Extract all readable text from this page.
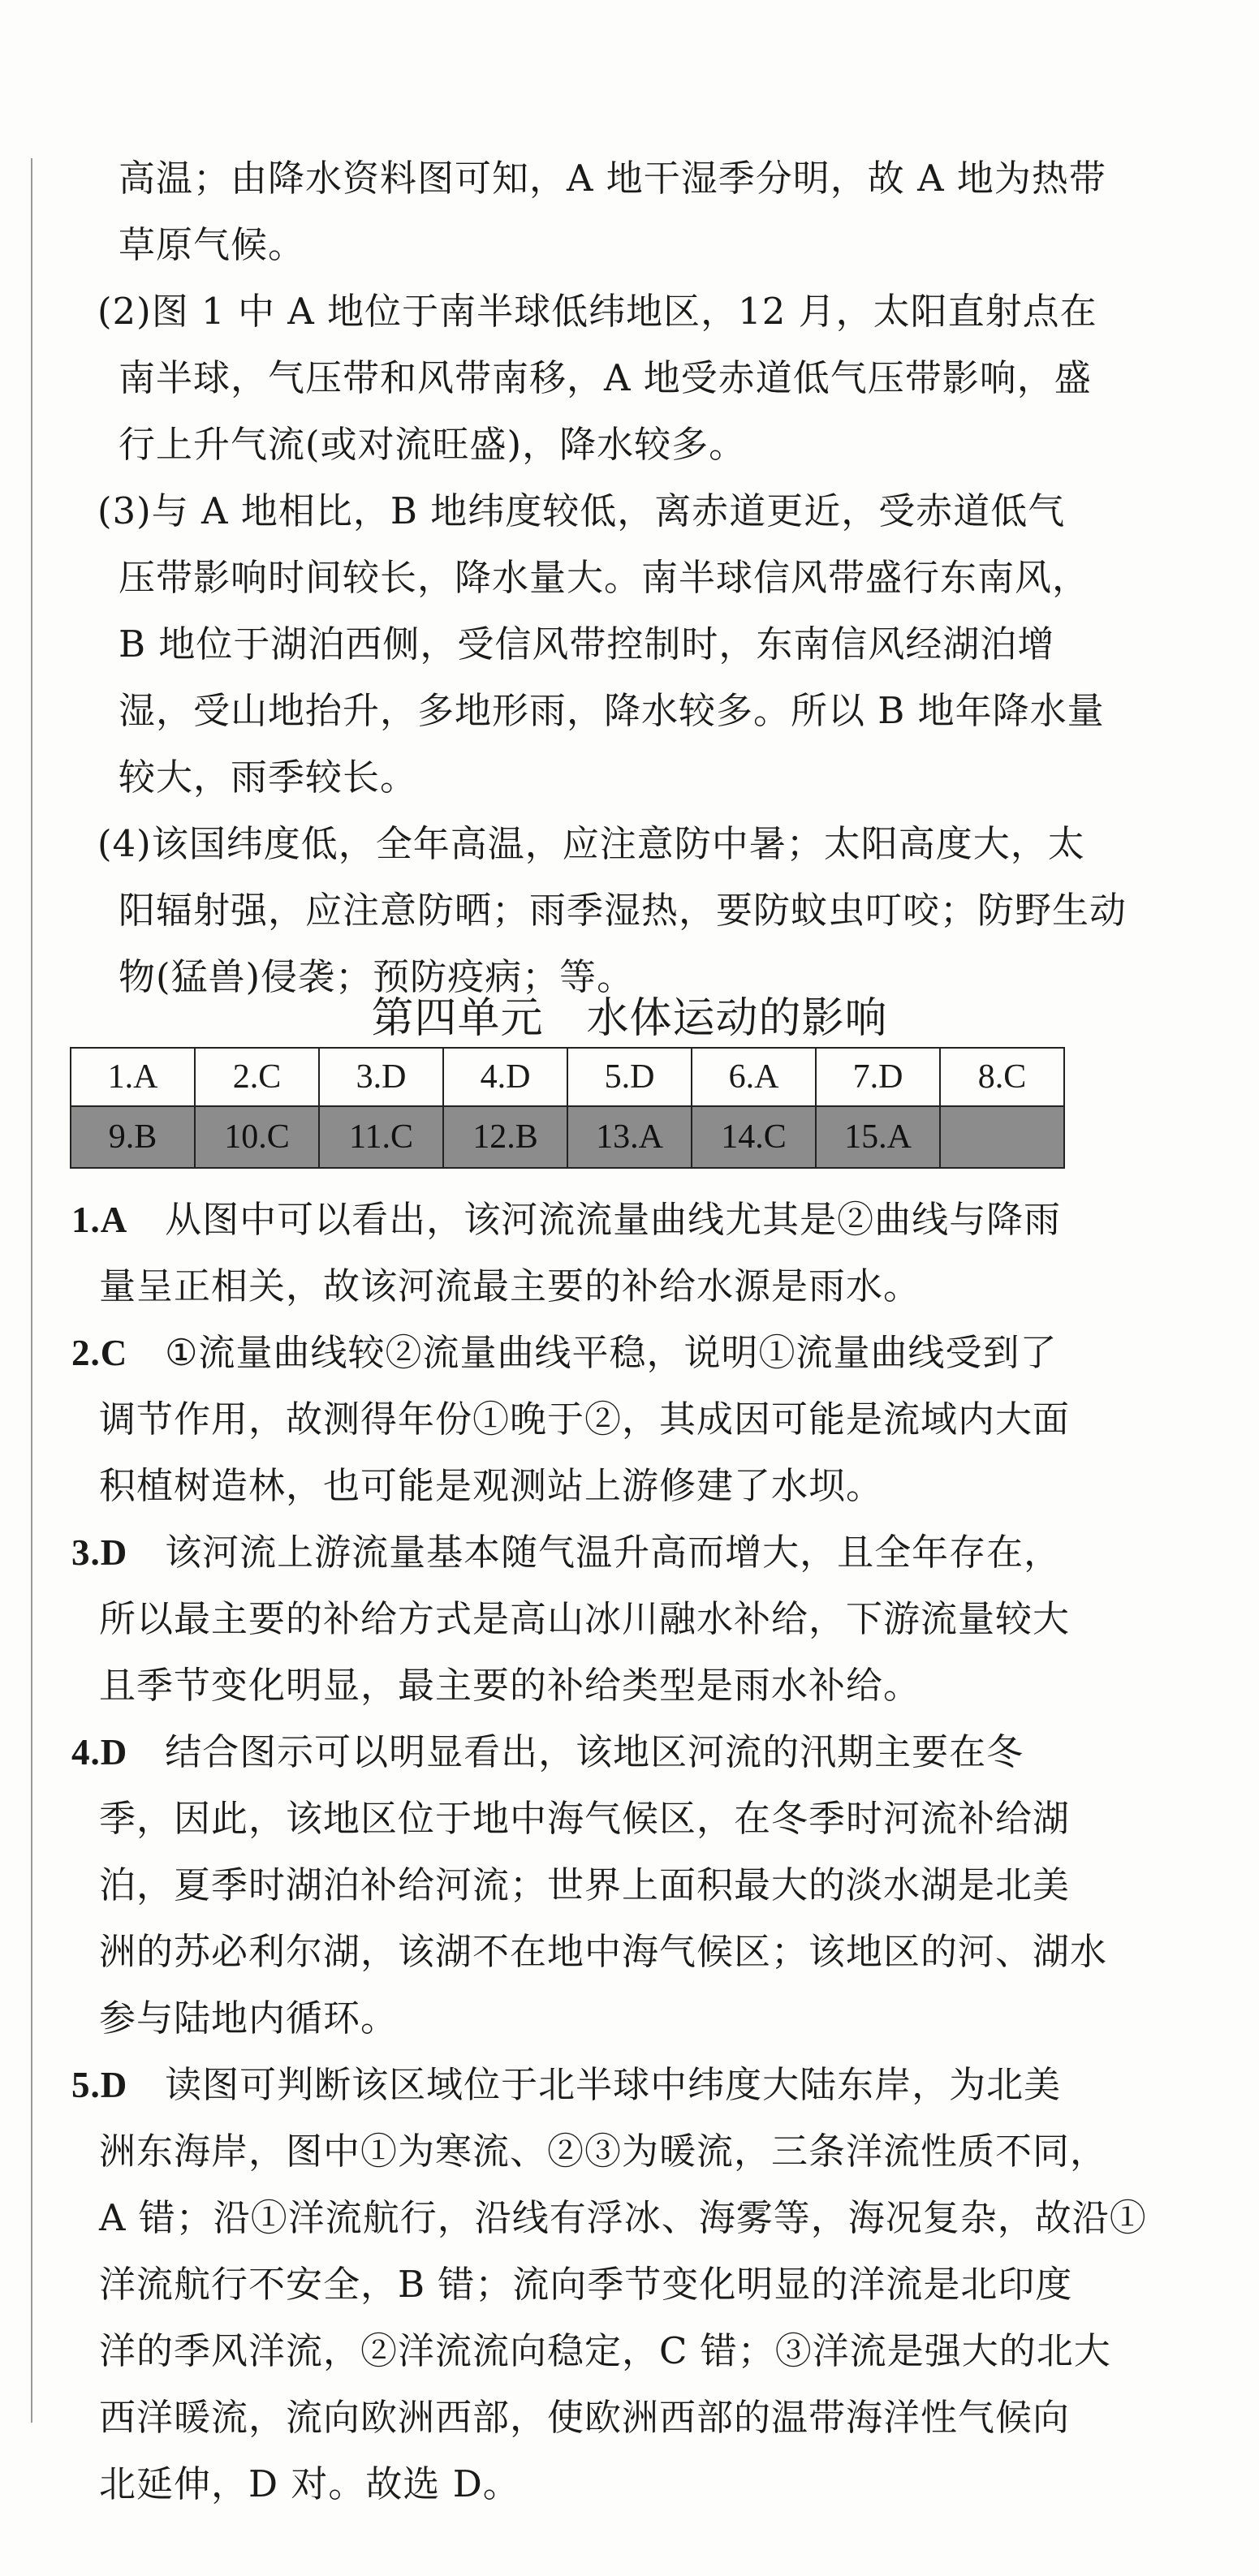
高温；由降水资料图可知，A 地干湿季分明，故 A 地为热带
草原气候。
(2)图 1 中 A 地位于南半球低纬地区，12 月，太阳直射点在
南半球，气压带和风带南移，A 地受赤道低气压带影响，盛
行上升气流(或对流旺盛)，降水较多。
(3)与 A 地相比，B 地纬度较低，离赤道更近，受赤道低气
压带影响时间较长，降水量大。南半球信风带盛行东南风，
B 地位于湖泊西侧，受信风带控制时，东南信风经湖泊增
湿，受山地抬升，多地形雨，降水较多。所以 B 地年降水量
较大，雨季较长。
(4)该国纬度低，全年高温，应注意防中暑；太阳高度大，太
阳辐射强，应注意防晒；雨季湿热，要防蚊虫叮咬；防野生动
物(猛兽)侵袭；预防疫病；等。
第四单元　水体运动的影响
1.A	2.C	3.D	4.D	5.D	6.A	7.D	8.C
9.B	10.C	11.C	12.B	13.A	14.C	15.A	
1.A 从图中可以看出，该河流流量曲线尤其是②曲线与降雨
量呈正相关，故该河流最主要的补给水源是雨水。
2.C ①流量曲线较②流量曲线平稳，说明①流量曲线受到了
调节作用，故测得年份①晚于②，其成因可能是流域内大面
积植树造林，也可能是观测站上游修建了水坝。
3.D 该河流上游流量基本随气温升高而增大，且全年存在，
所以最主要的补给方式是高山冰川融水补给，下游流量较大
且季节变化明显，最主要的补给类型是雨水补给。
4.D 结合图示可以明显看出，该地区河流的汛期主要在冬
季，因此，该地区位于地中海气候区，在冬季时河流补给湖
泊，夏季时湖泊补给河流；世界上面积最大的淡水湖是北美
洲的苏必利尔湖，该湖不在地中海气候区；该地区的河、湖水
参与陆地内循环。
5.D 读图可判断该区域位于北半球中纬度大陆东岸，为北美
洲东海岸，图中①为寒流、②③为暖流，三条洋流性质不同，
A 错；沿①洋流航行，沿线有浮冰、海雾等，海况复杂，故沿①
洋流航行不安全，B 错；流向季节变化明显的洋流是北印度
洋的季风洋流，②洋流流向稳定，C 错；③洋流是强大的北大
西洋暖流，流向欧洲西部，使欧洲西部的温带海洋性气候向
北延伸，D 对。故选 D。
